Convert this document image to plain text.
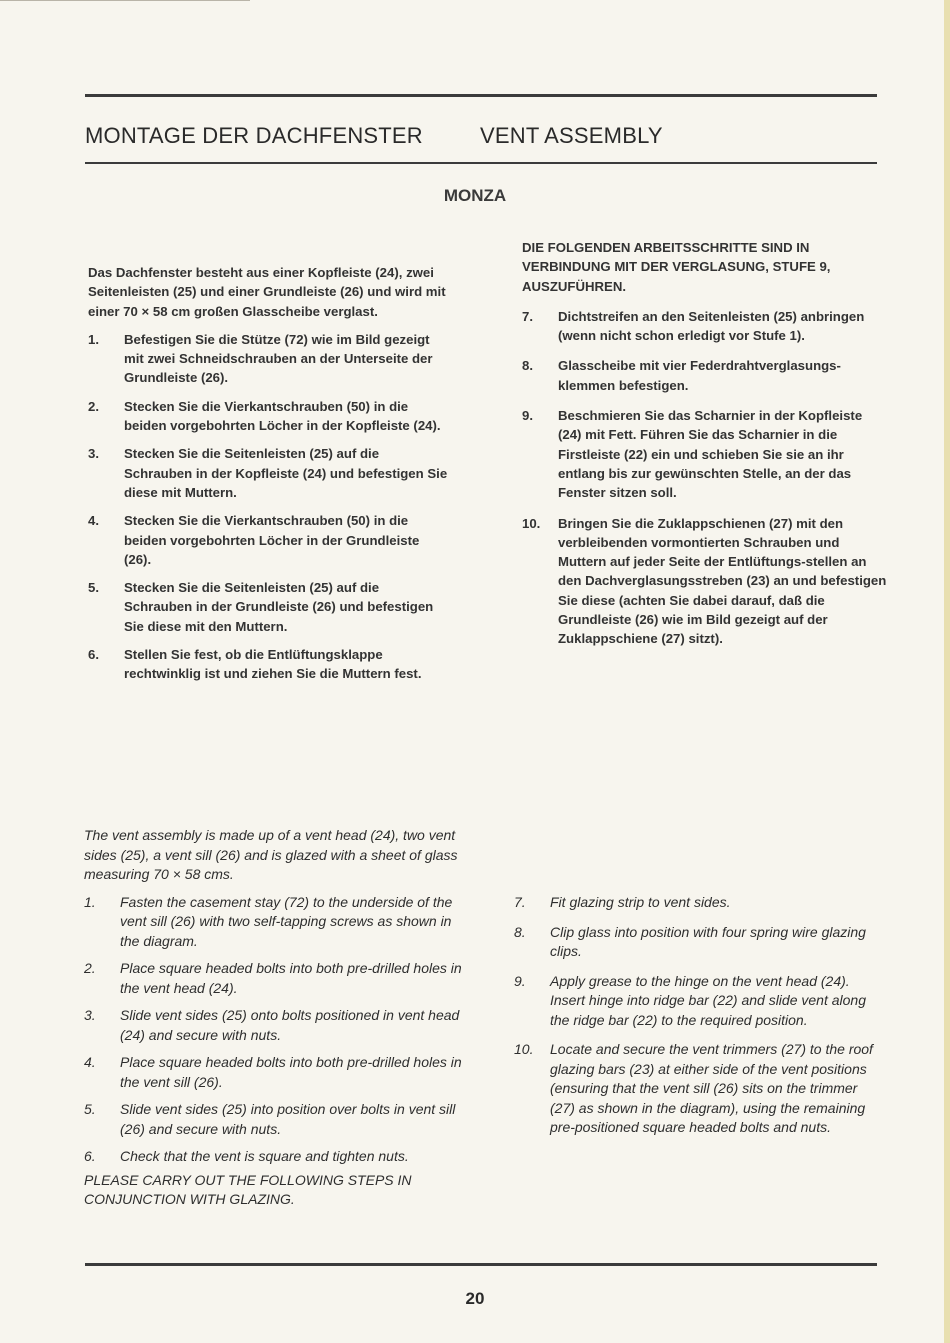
MONTAGE DER DACHFENSTER	VENT ASSEMBLY
MONZA

Das Dachfenster besteht aus einer Kopfleiste (24), zwei Seitenleisten (25) und einer Grundleiste (26) und wird mit einer 70 × 58 cm großen Glasscheibe verglast.

1.	Befestigen Sie die Stütze (72) wie im Bild gezeigt mit zwei Schneidschrauben an der Unterseite der Grundleiste (26).
2.	Stecken Sie die Vierkantschrauben (50) in die beiden vorgebohrten Löcher in der Kopfleiste (24).
3.	Stecken Sie die Seitenleisten (25) auf die Schrauben in der Kopfleiste (24) und befestigen Sie diese mit Muttern.
4.	Stecken Sie die Vierkantschrauben (50) in die beiden vorgebohrten Löcher in der Grundleiste (26).
5.	Stecken Sie die Seitenleisten (25) auf die Schrauben in der Grundleiste (26) und befestigen Sie diese mit den Muttern.
6.	Stellen Sie fest, ob die Entlüftungsklappe rechtwinklig ist und ziehen Sie die Muttern fest.

DIE FOLGENDEN ARBEITSSCHRITTE SIND IN VERBINDUNG MIT DER VERGLASUNG, STUFE 9, AUSZUFÜHREN.

7.	Dichtstreifen an den Seitenleisten (25) anbringen (wenn nicht schon erledigt vor Stufe 1).
8.	Glasscheibe mit vier Federdrahtverglasungs-klemmen befestigen.
9.	Beschmieren Sie das Scharnier in der Kopfleiste (24) mit Fett. Führen Sie das Scharnier in die Firstleiste (22) ein und schieben Sie sie an ihr entlang bis zur gewünschten Stelle, an der das Fenster sitzen soll.
10.	Bringen Sie die Zuklappschienen (27) mit den verbleibenden vormontierten Schrauben und Muttern auf jeder Seite der Entlüftungs-stellen an den Dachverglasungsstreben (23) an und befestigen Sie diese (achten Sie dabei darauf, daß die Grundleiste (26) wie im Bild gezeigt auf der Zuklappschiene (27) sitzt).

The vent assembly is made up of a vent head (24), two vent sides (25), a vent sill (26) and is glazed with a sheet of glass measuring 70 × 58 cms.

1.	Fasten the casement stay (72) to the underside of the vent sill (26) with two self-tapping screws as shown in the diagram.
2.	Place square headed bolts into both pre-drilled holes in the vent head (24).
3.	Slide vent sides (25) onto bolts positioned in vent head (24) and secure with nuts.
4.	Place square headed bolts into both pre-drilled holes in the vent sill (26).
5.	Slide vent sides (25) into position over bolts in vent sill (26) and secure with nuts.
6.	Check that the vent is square and tighten nuts.

PLEASE CARRY OUT THE FOLLOWING STEPS IN CONJUNCTION WITH GLAZING.

7.	Fit glazing strip to vent sides.
8.	Clip glass into position with four spring wire glazing clips.
9.	Apply grease to the hinge on the vent head (24). Insert hinge into ridge bar (22) and slide vent along the ridge bar (22) to the required position.
10.	Locate and secure the vent trimmers (27) to the roof glazing bars (23) at either side of the vent positions (ensuring that the vent sill (26) sits on the trimmer (27) as shown in the diagram), using the remaining pre-positioned square headed bolts and nuts.
20
